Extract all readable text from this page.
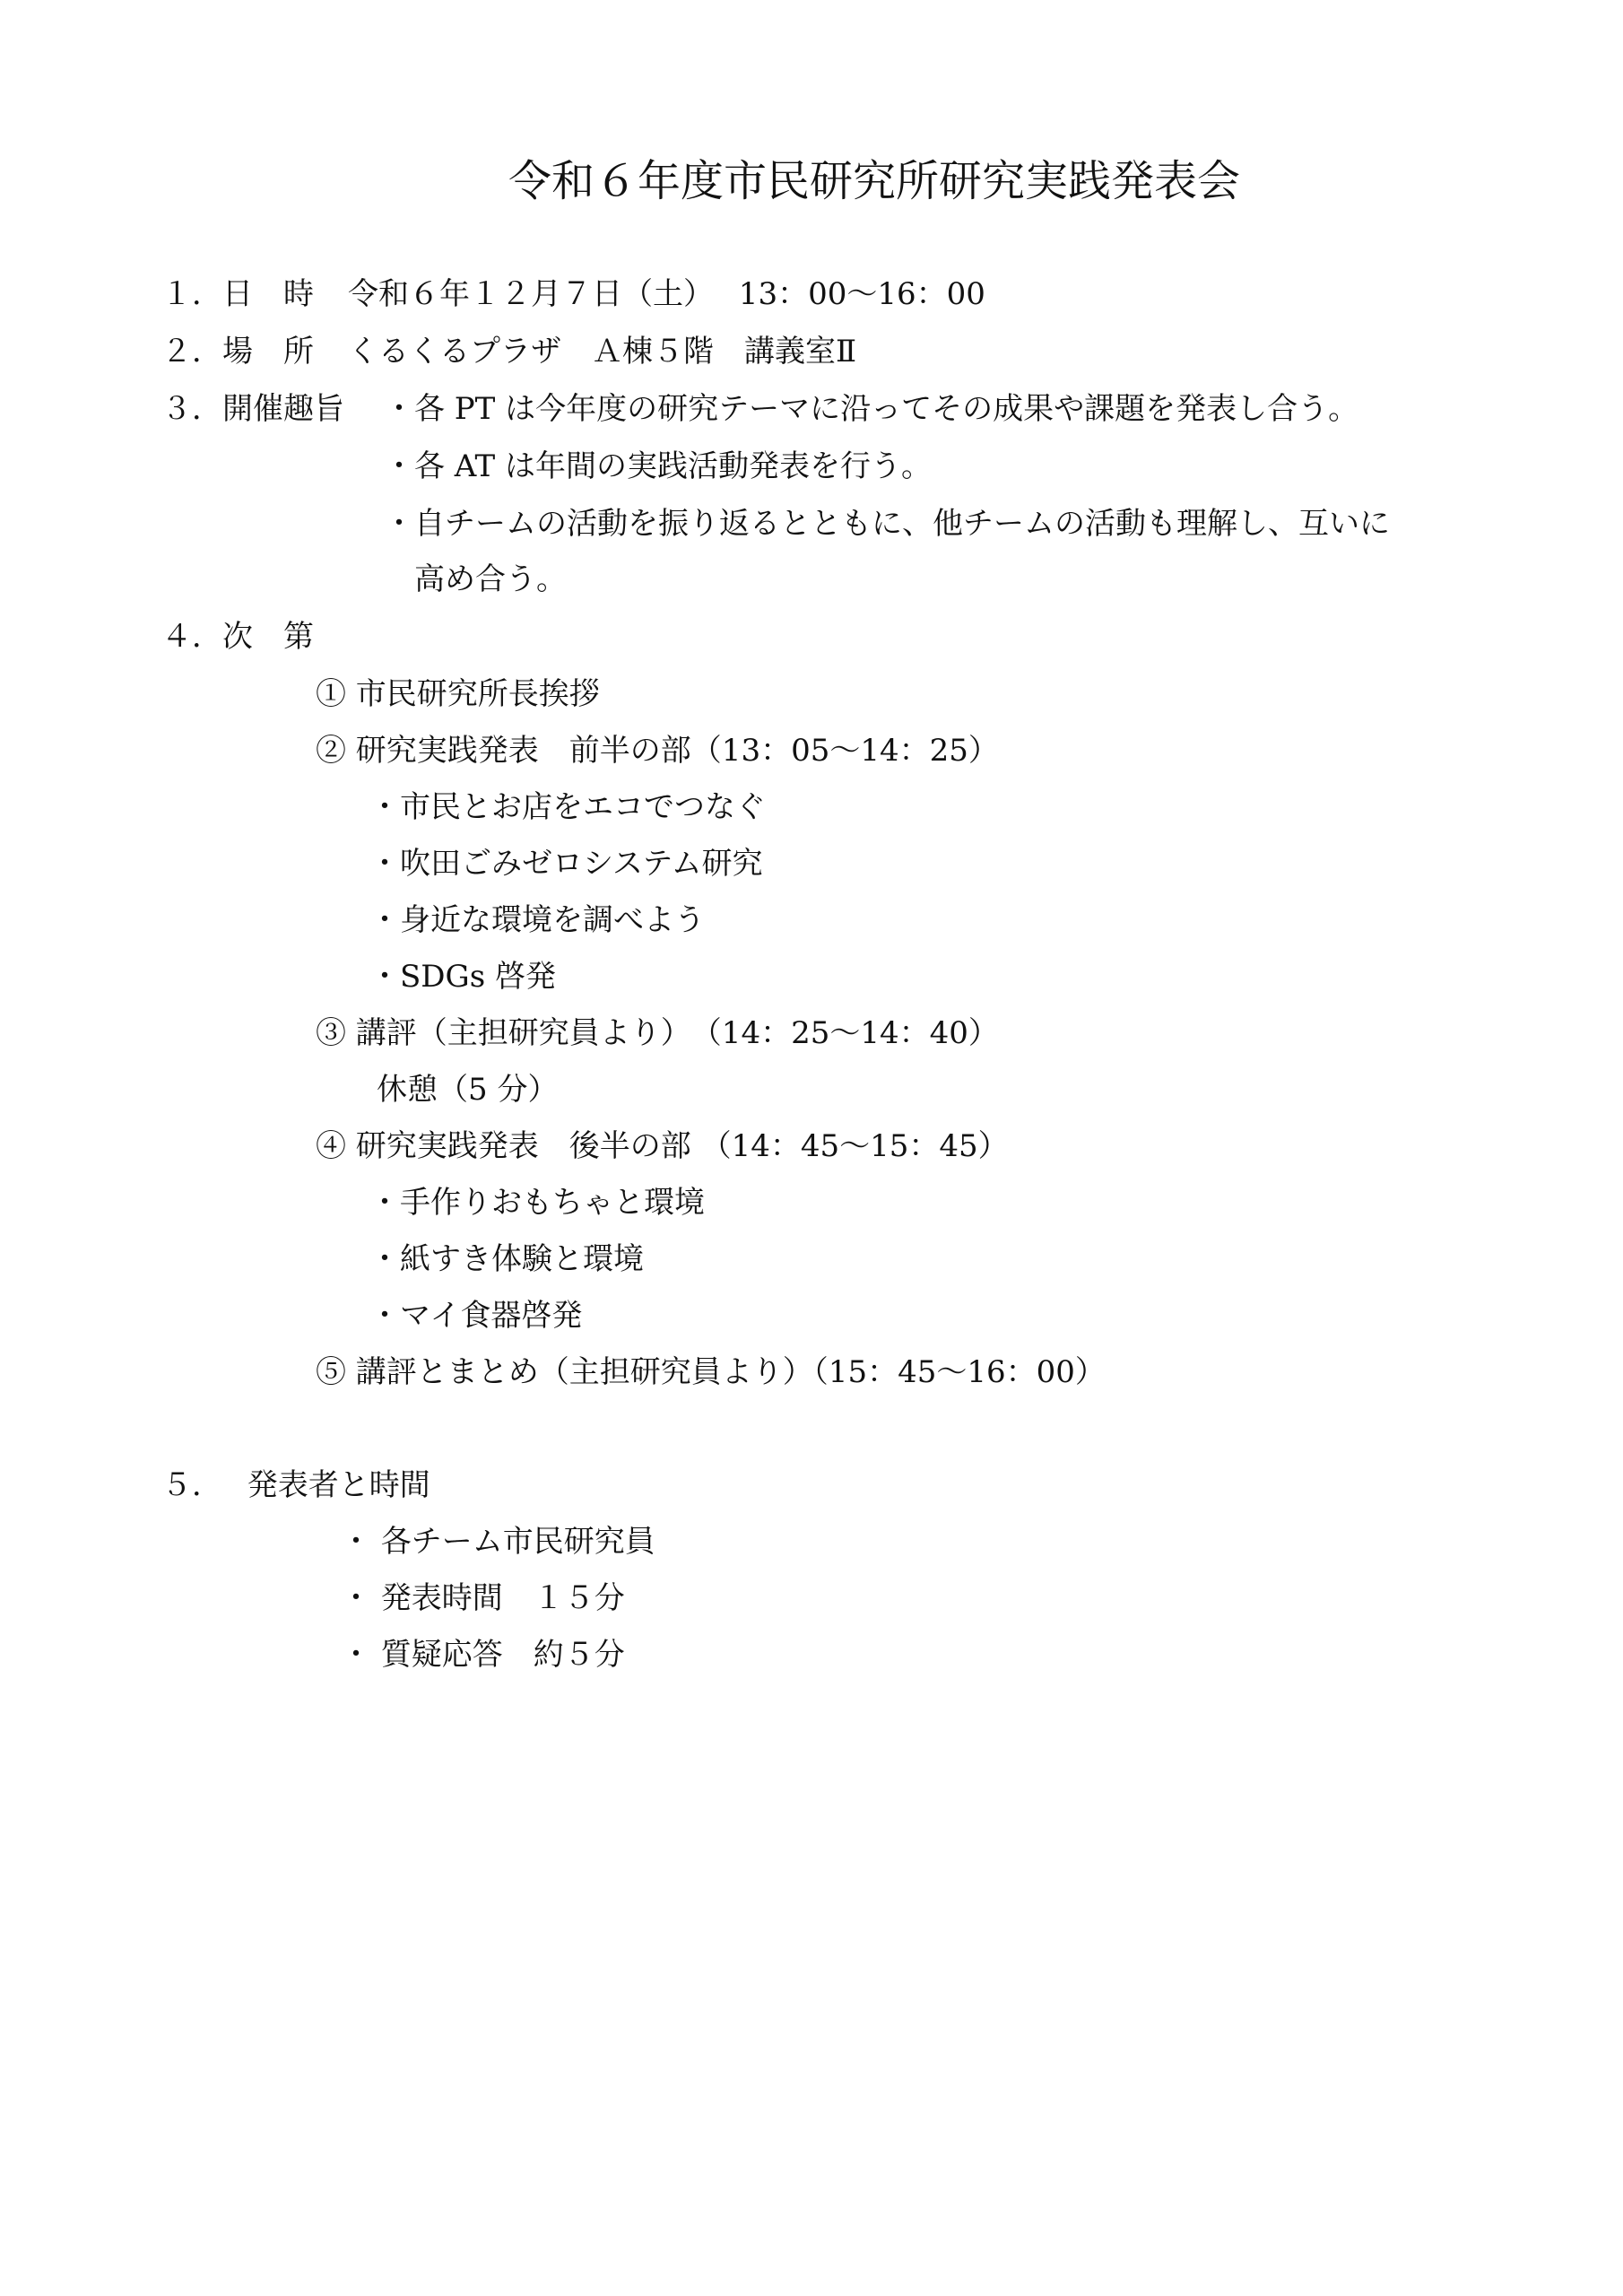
令和６年度市民研究所研究実践発表会
１．日　時 令和６年１２月７日（土）　 13：00〜16：00
２．場　所 くるくるプラザ　Ａ棟５階　講義室Ⅱ
３．開催趣旨 ・各 PT は今年度の研究テーマに沿ってその成果や課題を発表し合う。
・各 AT は年間の実践活動発表を行う。
・自チームの活動を振り返るとともに、他チームの活動も理解し、互いに
高め合う。
４．次　第
① 市民研究所長挨拶
② 研究実践発表　前半の部（13：05〜14：25）
・市民とお店をエコでつなぐ
・吹田ごみゼロシステム研究
・身近な環境を調べよう
・SDGs 啓発
③ 講評（主担研究員より）　（14：25〜14：40）
休憩（5 分）
④ 研究実践発表　後半の部 （14：45〜15：45）
・手作りおもちゃと環境
・紙すき体験と環境
・マイ食器啓発
⑤ 講評とまとめ（主担研究員より）（15：45〜16：00）
５．　 発表者と時間
・ 各チーム市民研究員
・ 発表時間　１５分
・ 質疑応答　約５分
